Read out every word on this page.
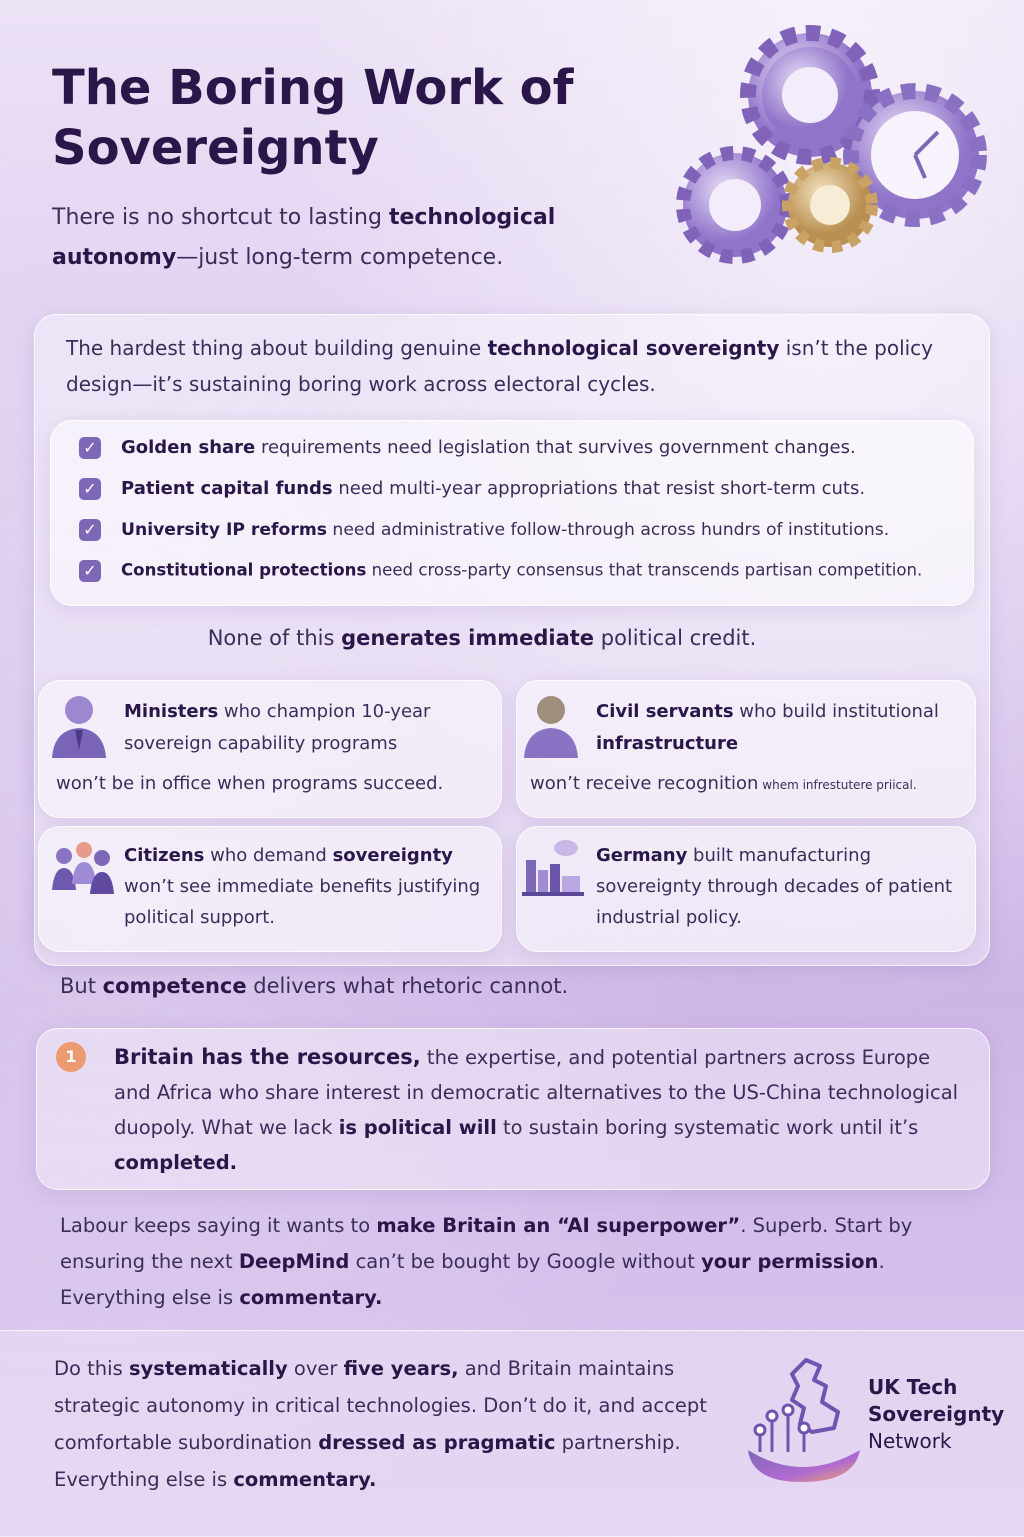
The Boring Work of Sovereignty
There is no shortcut to lasting technological autonomy—just long-term competence.
The hardest thing about building genuine technological sovereignty isn’t the policy design—it’s sustaining boring work across electoral cycles.
✓ Golden share requirements need legislation that survives government changes.
✓ Patient capital funds need multi-year appropriations that resist short-term cuts.
✓ University IP reforms need administrative follow-through across hundrs of institutions.
✓ Constitutional protections need cross-party consensus that transcends partisan competition.
None of this generates immediate political credit.
Ministers who champion 10-year sovereign capability programs
won’t be in office when programs succeed.
Civil servants who build institutional infrastructure
won’t receive recognition whem infrestutere priical.
Citizens who demand sovereignty
won’t see immediate benefits justifying political support.
Germany built manufacturing
sovereignty through decades of patient industrial policy.
But competence delivers what rhetoric cannot.
1	Britain has the resources, the expertise, and potential partners across Europe and Africa who share interest in democratic alternatives to the US-China technological duopoly. What we lack is political will to sustain boring systematic work until it’s completed.
Labour keeps saying it wants to make Britain an “AI superpower”. Superb. Start by ensuring the next DeepMind can’t be bought by Google without your permission. Everything else is commentary.
Do this systematically over five years, and Britain maintains strategic autonomy in critical technologies. Don’t do it, and accept comfortable subordination dressed as pragmatic partnership. Everything else is commentary.
UK Tech
Sovereignty
Network
